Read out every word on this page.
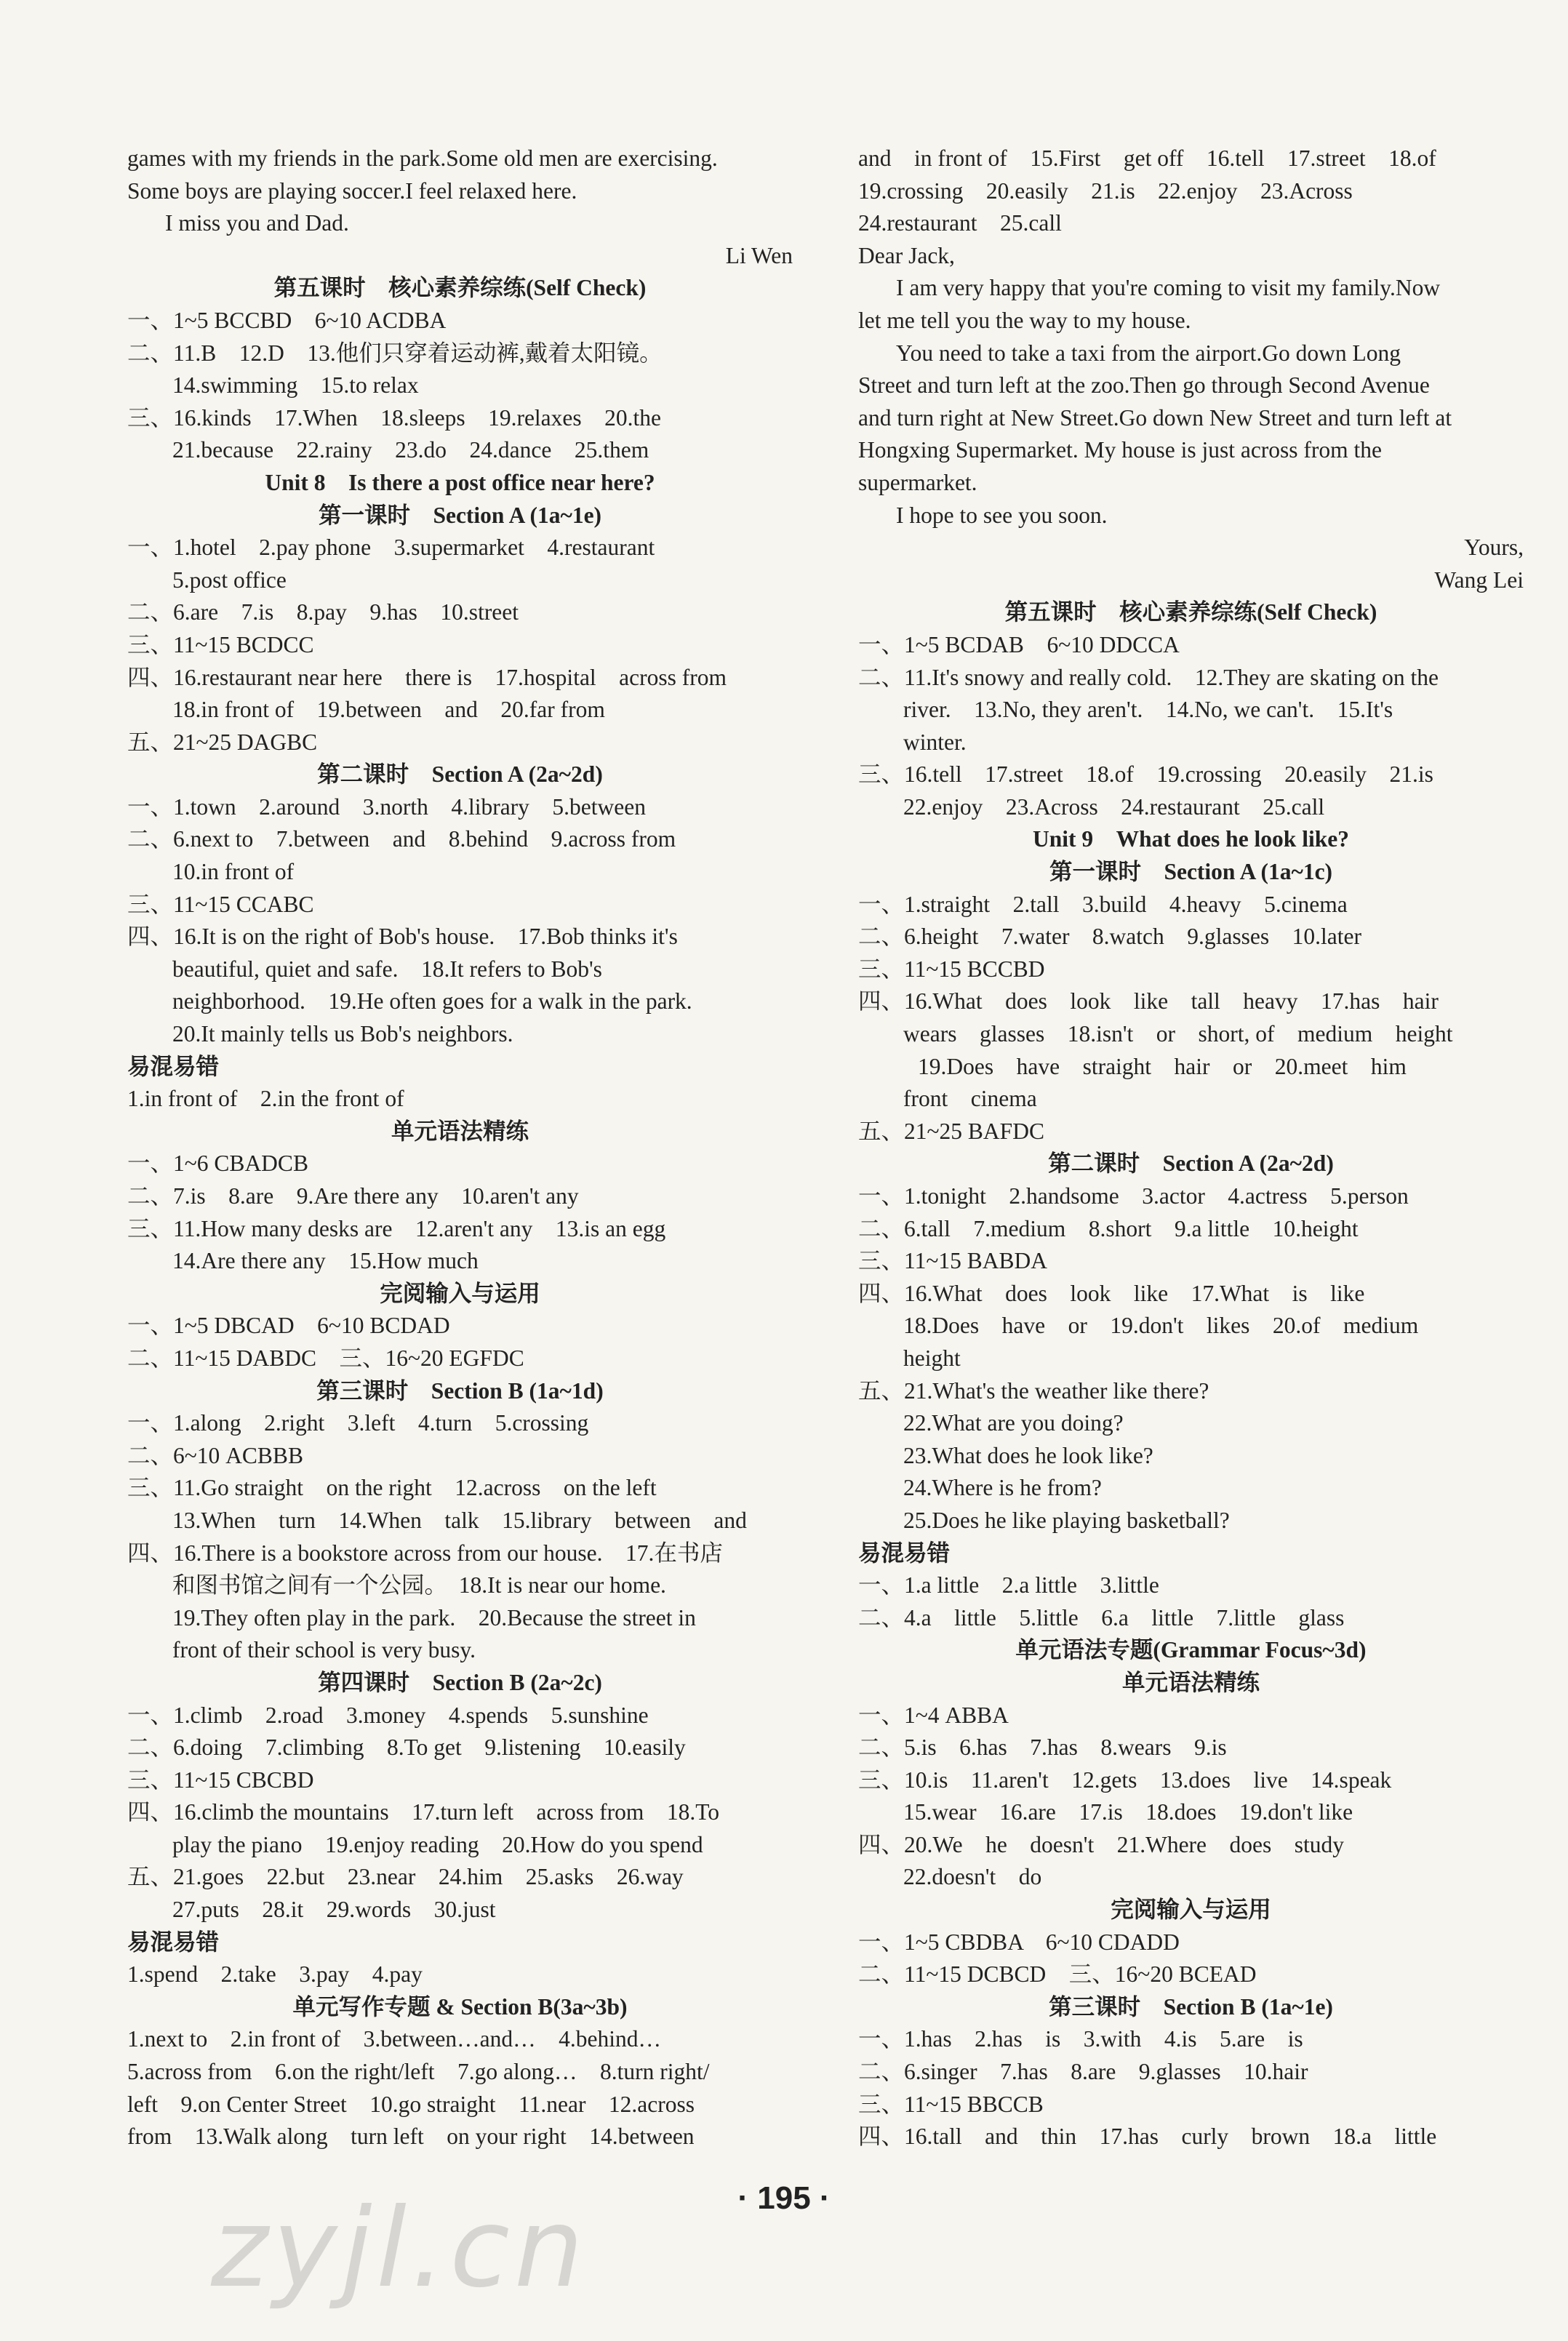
games with my friends in the park.Some old men are exercising.
Some boys are playing soccer.I feel relaxed here.
I miss you and Dad.
Li Wen
第五课时　核心素养综练(Self Check)
一、1~5 BCCBD　6~10 ACDBA
二、11.B　12.D　13.他们只穿着运动裤,戴着太阳镜。
14.swimming　15.to relax
三、16.kinds　17.When　18.sleeps　19.relaxes　20.the
21.because　22.rainy　23.do　24.dance　25.them
Unit 8　Is there a post office near here?
第一课时　Section A (1a~1e)
一、1.hotel　2.pay phone　3.supermarket　4.restaurant
5.post office
二、6.are　7.is　8.pay　9.has　10.street
三、11~15 BCDCC
四、16.restaurant near here　there is　17.hospital　across from
18.in front of　19.between　and　20.far from
五、21~25 DAGBC
第二课时　Section A (2a~2d)
一、1.town　2.around　3.north　4.library　5.between
二、6.next to　7.between　and　8.behind　9.across from
10.in front of
三、11~15 CCABC
四、16.It is on the right of Bob's house.　17.Bob thinks it's
beautiful, quiet and safe.　18.It refers to Bob's
neighborhood.　19.He often goes for a walk in the park.
20.It mainly tells us Bob's neighbors.
易混易错
1.in front of　2.in the front of
单元语法精练
一、1~6 CBADCB
二、7.is　8.are　9.Are there any　10.aren't any
三、11.How many desks are　12.aren't any　13.is an egg
14.Are there any　15.How much
完阅输入与运用
一、1~5 DBCAD　6~10 BCDAD
二、11~15 DABDC　三、16~20 EGFDC
第三课时　Section B (1a~1d)
一、1.along　2.right　3.left　4.turn　5.crossing
二、6~10 ACBBB
三、11.Go straight　on the right　12.across　on the left
13.When　turn　14.When　talk　15.library　between　and
四、16.There is a bookstore across from our house.　17.在书店
和图书馆之间有一个公园。　18.It is near our home.
19.They often play in the park.　20.Because the street in
front of their school is very busy.
第四课时　Section B (2a~2c)
一、1.climb　2.road　3.money　4.spends　5.sunshine
二、6.doing　7.climbing　8.To get　9.listening　10.easily
三、11~15 CBCBD
四、16.climb the mountains　17.turn left　across from　18.To
play the piano　19.enjoy reading　20.How do you spend
五、21.goes　22.but　23.near　24.him　25.asks　26.way
27.puts　28.it　29.words　30.just
易混易错
1.spend　2.take　3.pay　4.pay
单元写作专题 & Section B(3a~3b)
1.next to　2.in front of　3.between…and…　4.behind…
5.across from　6.on the right/left　7.go along…　8.turn right/
left　9.on Center Street　10.go straight　11.near　12.across
from　13.Walk along　turn left　on your right　14.between
and　in front of　15.First　get off　16.tell　17.street　18.of
19.crossing　20.easily　21.is　22.enjoy　23.Across
24.restaurant　25.call
Dear Jack,
I am very happy that you're coming to visit my family.Now
let me tell you the way to my house.
You need to take a taxi from the airport.Go down Long
Street and turn left at the zoo.Then go through Second Avenue
and turn right at New Street.Go down New Street and turn left at
Hongxing Supermarket. My house is just across from the
supermarket.
I hope to see you soon.
Yours,
Wang Lei
第五课时　核心素养综练(Self Check)
一、1~5 BCDAB　6~10 DDCCA
二、11.It's snowy and really cold.　12.They are skating on the
river.　13.No, they aren't.　14.No, we can't.　15.It's
winter.
三、16.tell　17.street　18.of　19.crossing　20.easily　21.is
22.enjoy　23.Across　24.restaurant　25.call
Unit 9　What does he look like?
第一课时　Section A (1a~1c)
一、1.straight　2.tall　3.build　4.heavy　5.cinema
二、6.height　7.water　8.watch　9.glasses　10.later
三、11~15 BCCBD
四、16.What　does　look　like　tall　heavy　17.has　hair
wears　glasses　18.isn't　or　short, of　medium　height
19.Does　have　straight　hair　or　20.meet　him
front　cinema
五、21~25 BAFDC
第二课时　Section A (2a~2d)
一、1.tonight　2.handsome　3.actor　4.actress　5.person
二、6.tall　7.medium　8.short　9.a little　10.height
三、11~15 BABDA
四、16.What　does　look　like　17.What　is　like
18.Does　have　or　19.don't　likes　20.of　medium
height
五、21.What's the weather like there?
22.What are you doing?
23.What does he look like?
24.Where is he from?
25.Does he like playing basketball?
易混易错
一、1.a little　2.a little　3.little
二、4.a　little　5.little　6.a　little　7.little　glass
单元语法专题(Grammar Focus~3d)
单元语法精练
一、1~4 ABBA
二、5.is　6.has　7.has　8.wears　9.is
三、10.is　11.aren't　12.gets　13.does　live　14.speak
15.wear　16.are　17.is　18.does　19.don't like
四、20.We　he　doesn't　21.Where　does　study
22.doesn't　do
完阅输入与运用
一、1~5 CBDBA　6~10 CDADD
二、11~15 DCBCD　三、16~20 BCEAD
第三课时　Section B (1a~1e)
一、1.has　2.has　is　3.with　4.is　5.are　is
二、6.singer　7.has　8.are　9.glasses　10.hair
三、11~15 BBCCB
四、16.tall　and　thin　17.has　curly　brown　18.a　little
· 195 ·
zyjl.cn
